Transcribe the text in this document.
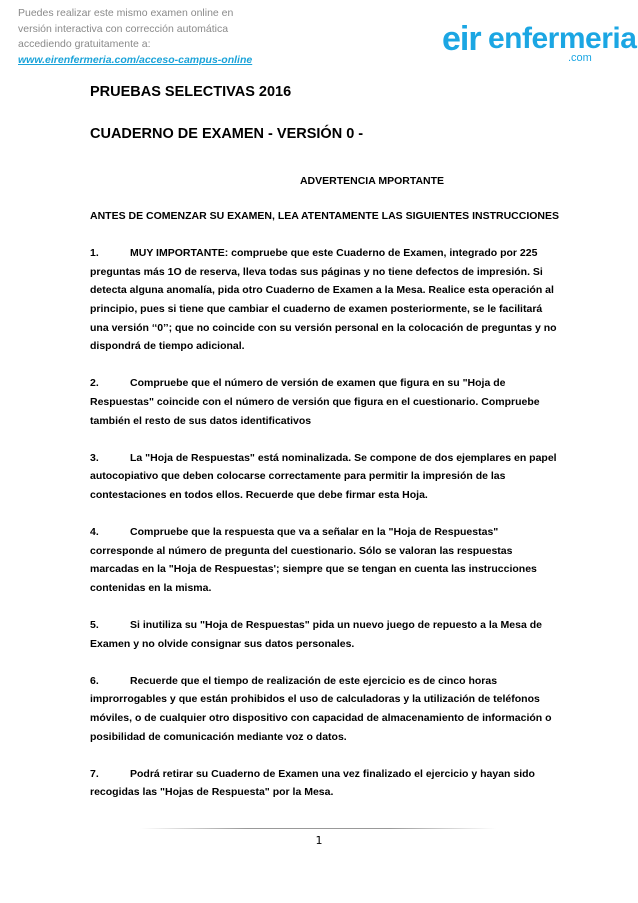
Puedes realizar este mismo examen online en
versión interactiva con corrección automática
accediendo gratuitamente a:
www.eirenfermeria.com/acceso-campus-online
eir enfermeria
.com
PRUEBAS SELECTIVAS 2016
CUADERNO DE EXAMEN - VERSIÓN 0 -
ADVERTENCIA MPORTANTE

ANTES DE COMENZAR SU EXAMEN, LEA ATENTAMENTE LAS SIGUIENTES INSTRUCCIONES

1.	MUY IMPORTANTE: compruebe que este Cuaderno de Examen, integrado por 225 preguntas más 1O de reserva, lleva todas sus páginas y no tiene defectos de impresión. Si detecta alguna anomalía, pida otro Cuaderno de Examen a la Mesa. Realice esta operación al principio, pues si tiene que cambiar el cuaderno de examen posteriormente, se le facilitará una versión ‘‘0’’; que no coincide con su versión personal en la colocación de preguntas y no dispondrá de tiempo adicional.

2.	Compruebe que el número de versión de examen que figura en su "Hoja de Respuestas" coincide con el número de versión que figura en el cuestionario. Compruebe también el resto de sus datos identificativos

3.	La "Hoja de Respuestas" está nominalizada. Se compone de dos ejemplares en papel autocopiativo que deben colocarse correctamente para permitir la impresión de las contestaciones en todos ellos. Recuerde que debe firmar esta Hoja.

4.	Compruebe que la respuesta que va a señalar en la "Hoja de Respuestas" corresponde al número de pregunta del cuestionario. Sólo se valoran las respuestas marcadas en la "Hoja de Respuestas'; siempre que se tengan en cuenta las instrucciones contenidas en la misma.

5.	Si inutiliza su "Hoja de Respuestas" pida un nuevo juego de repuesto a la Mesa de Examen y no olvide consignar sus datos personales.

6.	Recuerde que el tiempo de realización de este ejercicio es de cinco horas improrrogables y que están prohibidos el uso de calculadoras y la utilización de teléfonos móviles, o de cualquier otro dispositivo con capacidad de almacenamiento de información o posibilidad de comunicación mediante voz o datos.

7.	Podrá retirar su Cuaderno de Examen una vez finalizado el ejercicio y hayan sido recogidas las "Hojas de Respuesta" por la Mesa.

1
